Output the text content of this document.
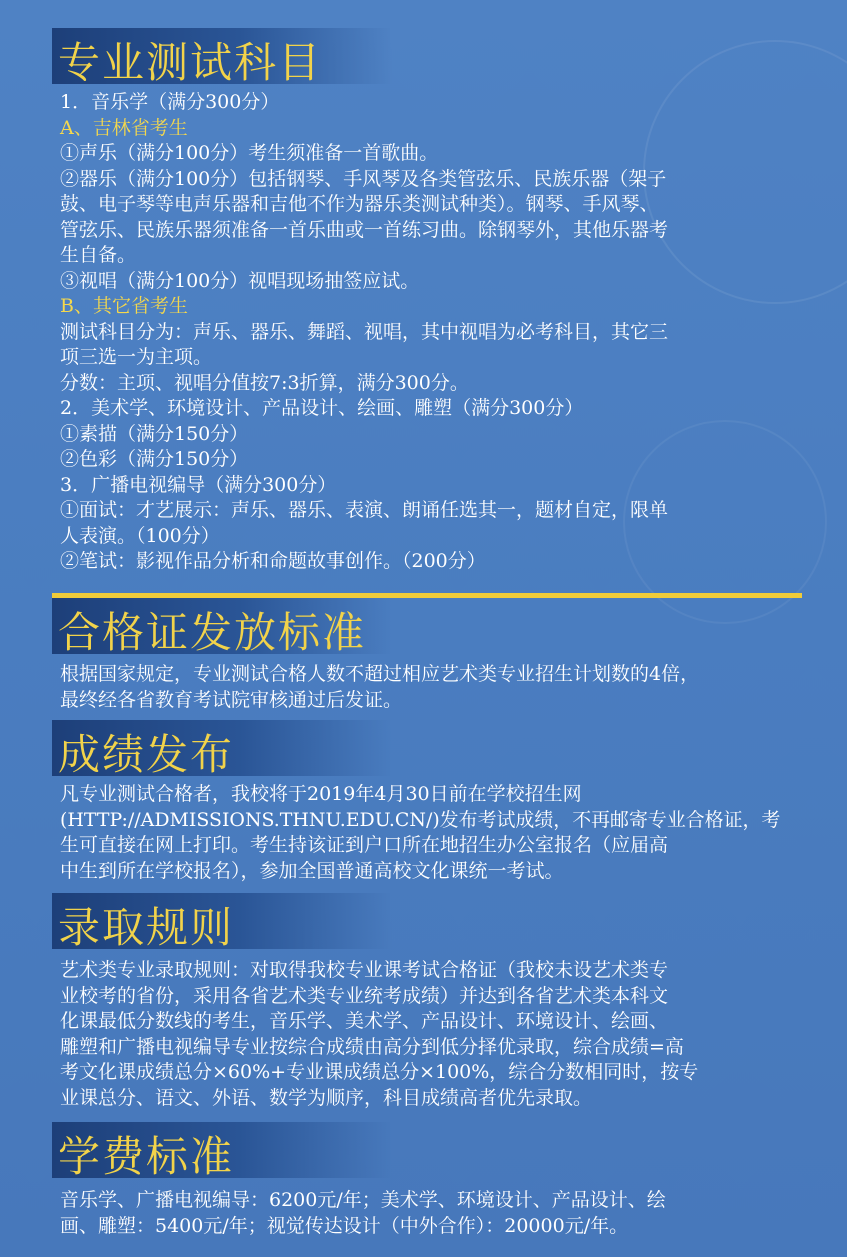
专业测试科目
1．音乐学（满分300分）
A、吉林省考生
①声乐（满分100分）考生须准备一首歌曲。
②器乐（满分100分）包括钢琴、手风琴及各类管弦乐、民族乐器（架子
鼓、电子琴等电声乐器和吉他不作为器乐类测试种类）。钢琴、手风琴、
管弦乐、民族乐器须准备一首乐曲或一首练习曲。除钢琴外，其他乐器考
生自备。
③视唱（满分100分）视唱现场抽签应试。
B、其它省考生
测试科目分为：声乐、器乐、舞蹈、视唱，其中视唱为必考科目，其它三
项三选一为主项。
分数：主项、视唱分值按7:3折算，满分300分。
2．美术学、环境设计、产品设计、绘画、雕塑（满分300分）
①素描（满分150分）
②色彩（满分150分）
3．广播电视编导（满分300分）
①面试：才艺展示：声乐、器乐、表演、朗诵任选其一，题材自定，限单
人表演。（100分）
②笔试：影视作品分析和命题故事创作。（200分）
合格证发放标准
根据国家规定，专业测试合格人数不超过相应艺术类专业招生计划数的4倍，
最终经各省教育考试院审核通过后发证。
成绩发布
凡专业测试合格者，我校将于2019年4月30日前在学校招生网
(HTTP://ADMISSIONS.THNU.EDU.CN/)发布考试成绩，不再邮寄专业合格证，考
生可直接在网上打印。考生持该证到户口所在地招生办公室报名（应届高
中生到所在学校报名），参加全国普通高校文化课统一考试。
录取规则
艺术类专业录取规则：对取得我校专业课考试合格证（我校未设艺术类专
业校考的省份，采用各省艺术类专业统考成绩）并达到各省艺术类本科文
化课最低分数线的考生，音乐学、美术学、产品设计、环境设计、绘画、
雕塑和广播电视编导专业按综合成绩由高分到低分择优录取，综合成绩=高
考文化课成绩总分×60%+专业课成绩总分×100%，综合分数相同时，按专
业课总分、语文、外语、数学为顺序，科目成绩高者优先录取。
学费标准
音乐学、广播电视编导：6200元/年；美术学、环境设计、产品设计、绘
画、雕塑：5400元/年；视觉传达设计（中外合作）：20000元/年。
